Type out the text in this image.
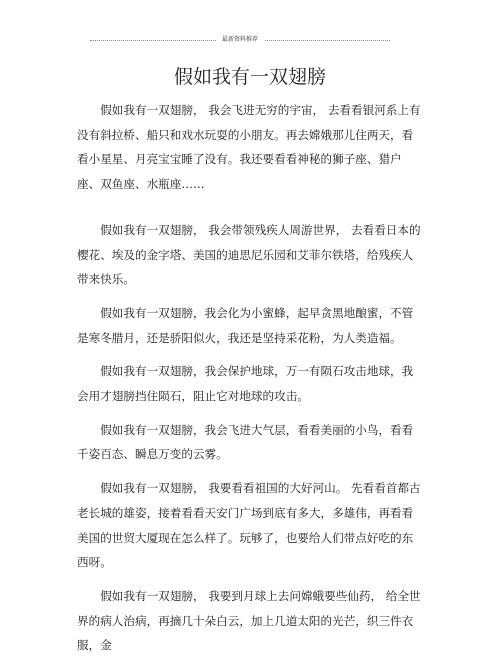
最新资料推荐
假如我有一双翅膀

假如我有一双翅膀， 我会飞进无穷的宇宙， 去看看银河系上有没有斜拉桥、船只和戏水玩耍的小朋友。再去嫦娥那儿住两天，看看小星星、月亮宝宝睡了没有。我还要看看神秘的狮子座、猎户座、双鱼座、水瓶座……

假如我有一双翅膀， 我会带领残疾人周游世界， 去看看日本的樱花、埃及的金字塔、美国的迪思尼乐园和艾菲尔铁塔，给残疾人带来快乐。

假如我有一双翅膀，我会化为小蜜蜂，起早贪黑地酿蜜，不管是寒冬腊月，还是骄阳似火，我还是坚持采花粉，为人类造福。

假如我有一双翅膀，我会保护地球，万一有陨石攻击地球，我会用才翅膀挡住陨石，阻止它对地球的攻击。

假如我有一双翅膀，我会飞进大气层，看看美丽的小鸟，看看千姿百态、瞬息万变的云雾。

假如我有一双翅膀， 我要看看祖国的大好河山。 先看看首都古老长城的雄姿，接着看看天安门广场到底有多大，多雄伟，再看看美国的世贸大厦现在怎么样了。玩够了，也要给人们带点好吃的东西呀。

假如我有一双翅膀， 我要到月球上去问嫦蛾要些仙药， 给全世界的病人治病，再摘几十朵白云，加上几道太阳的光芒，织三件衣服，金
